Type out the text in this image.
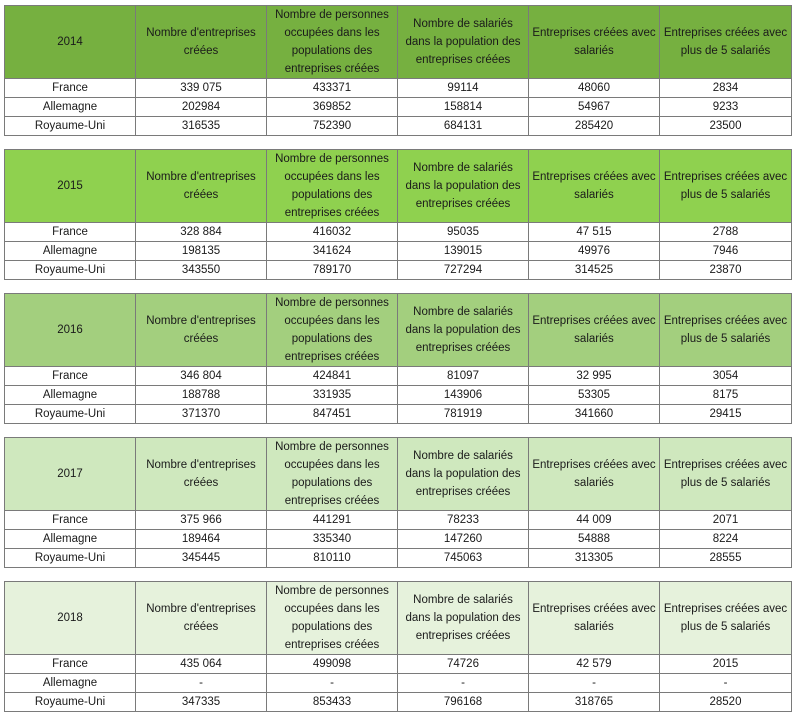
2014	Nombre d'entreprises créées	Nombre de personnes occupées dans les populations des entreprises créées	Nombre de salariés dans la population des entreprises créées	Entreprises créées avec salariés	Entreprises créées avec plus de 5 salariés
France	339 075	433371	99114	48060	2834
Allemagne	202984	369852	158814	54967	9233
Royaume-Uni	316535	752390	684131	285420	23500
2015	Nombre d'entreprises créées	Nombre de personnes occupées dans les populations des entreprises créées	Nombre de salariés dans la population des entreprises créées	Entreprises créées avec salariés	Entreprises créées avec plus de 5 salariés
France	328 884	416032	95035	47 515	2788
Allemagne	198135	341624	139015	49976	7946
Royaume-Uni	343550	789170	727294	314525	23870
2016	Nombre d'entreprises créées	Nombre de personnes occupées dans les populations des entreprises créées	Nombre de salariés dans la population des entreprises créées	Entreprises créées avec salariés	Entreprises créées avec plus de 5 salariés
France	346 804	424841	81097	32 995	3054
Allemagne	188788	331935	143906	53305	8175
Royaume-Uni	371370	847451	781919	341660	29415
2017	Nombre d'entreprises créées	Nombre de personnes occupées dans les populations des entreprises créées	Nombre de salariés dans la population des entreprises créées	Entreprises créées avec salariés	Entreprises créées avec plus de 5 salariés
France	375 966	441291	78233	44 009	2071
Allemagne	189464	335340	147260	54888	8224
Royaume-Uni	345445	810110	745063	313305	28555
2018	Nombre d'entreprises créées	Nombre de personnes occupées dans les populations des entreprises créées	Nombre de salariés dans la population des entreprises créées	Entreprises créées avec salariés	Entreprises créées avec plus de 5 salariés
France	435 064	499098	74726	42 579	2015
Allemagne	-	-	-	-	-
Royaume-Uni	347335	853433	796168	318765	28520
